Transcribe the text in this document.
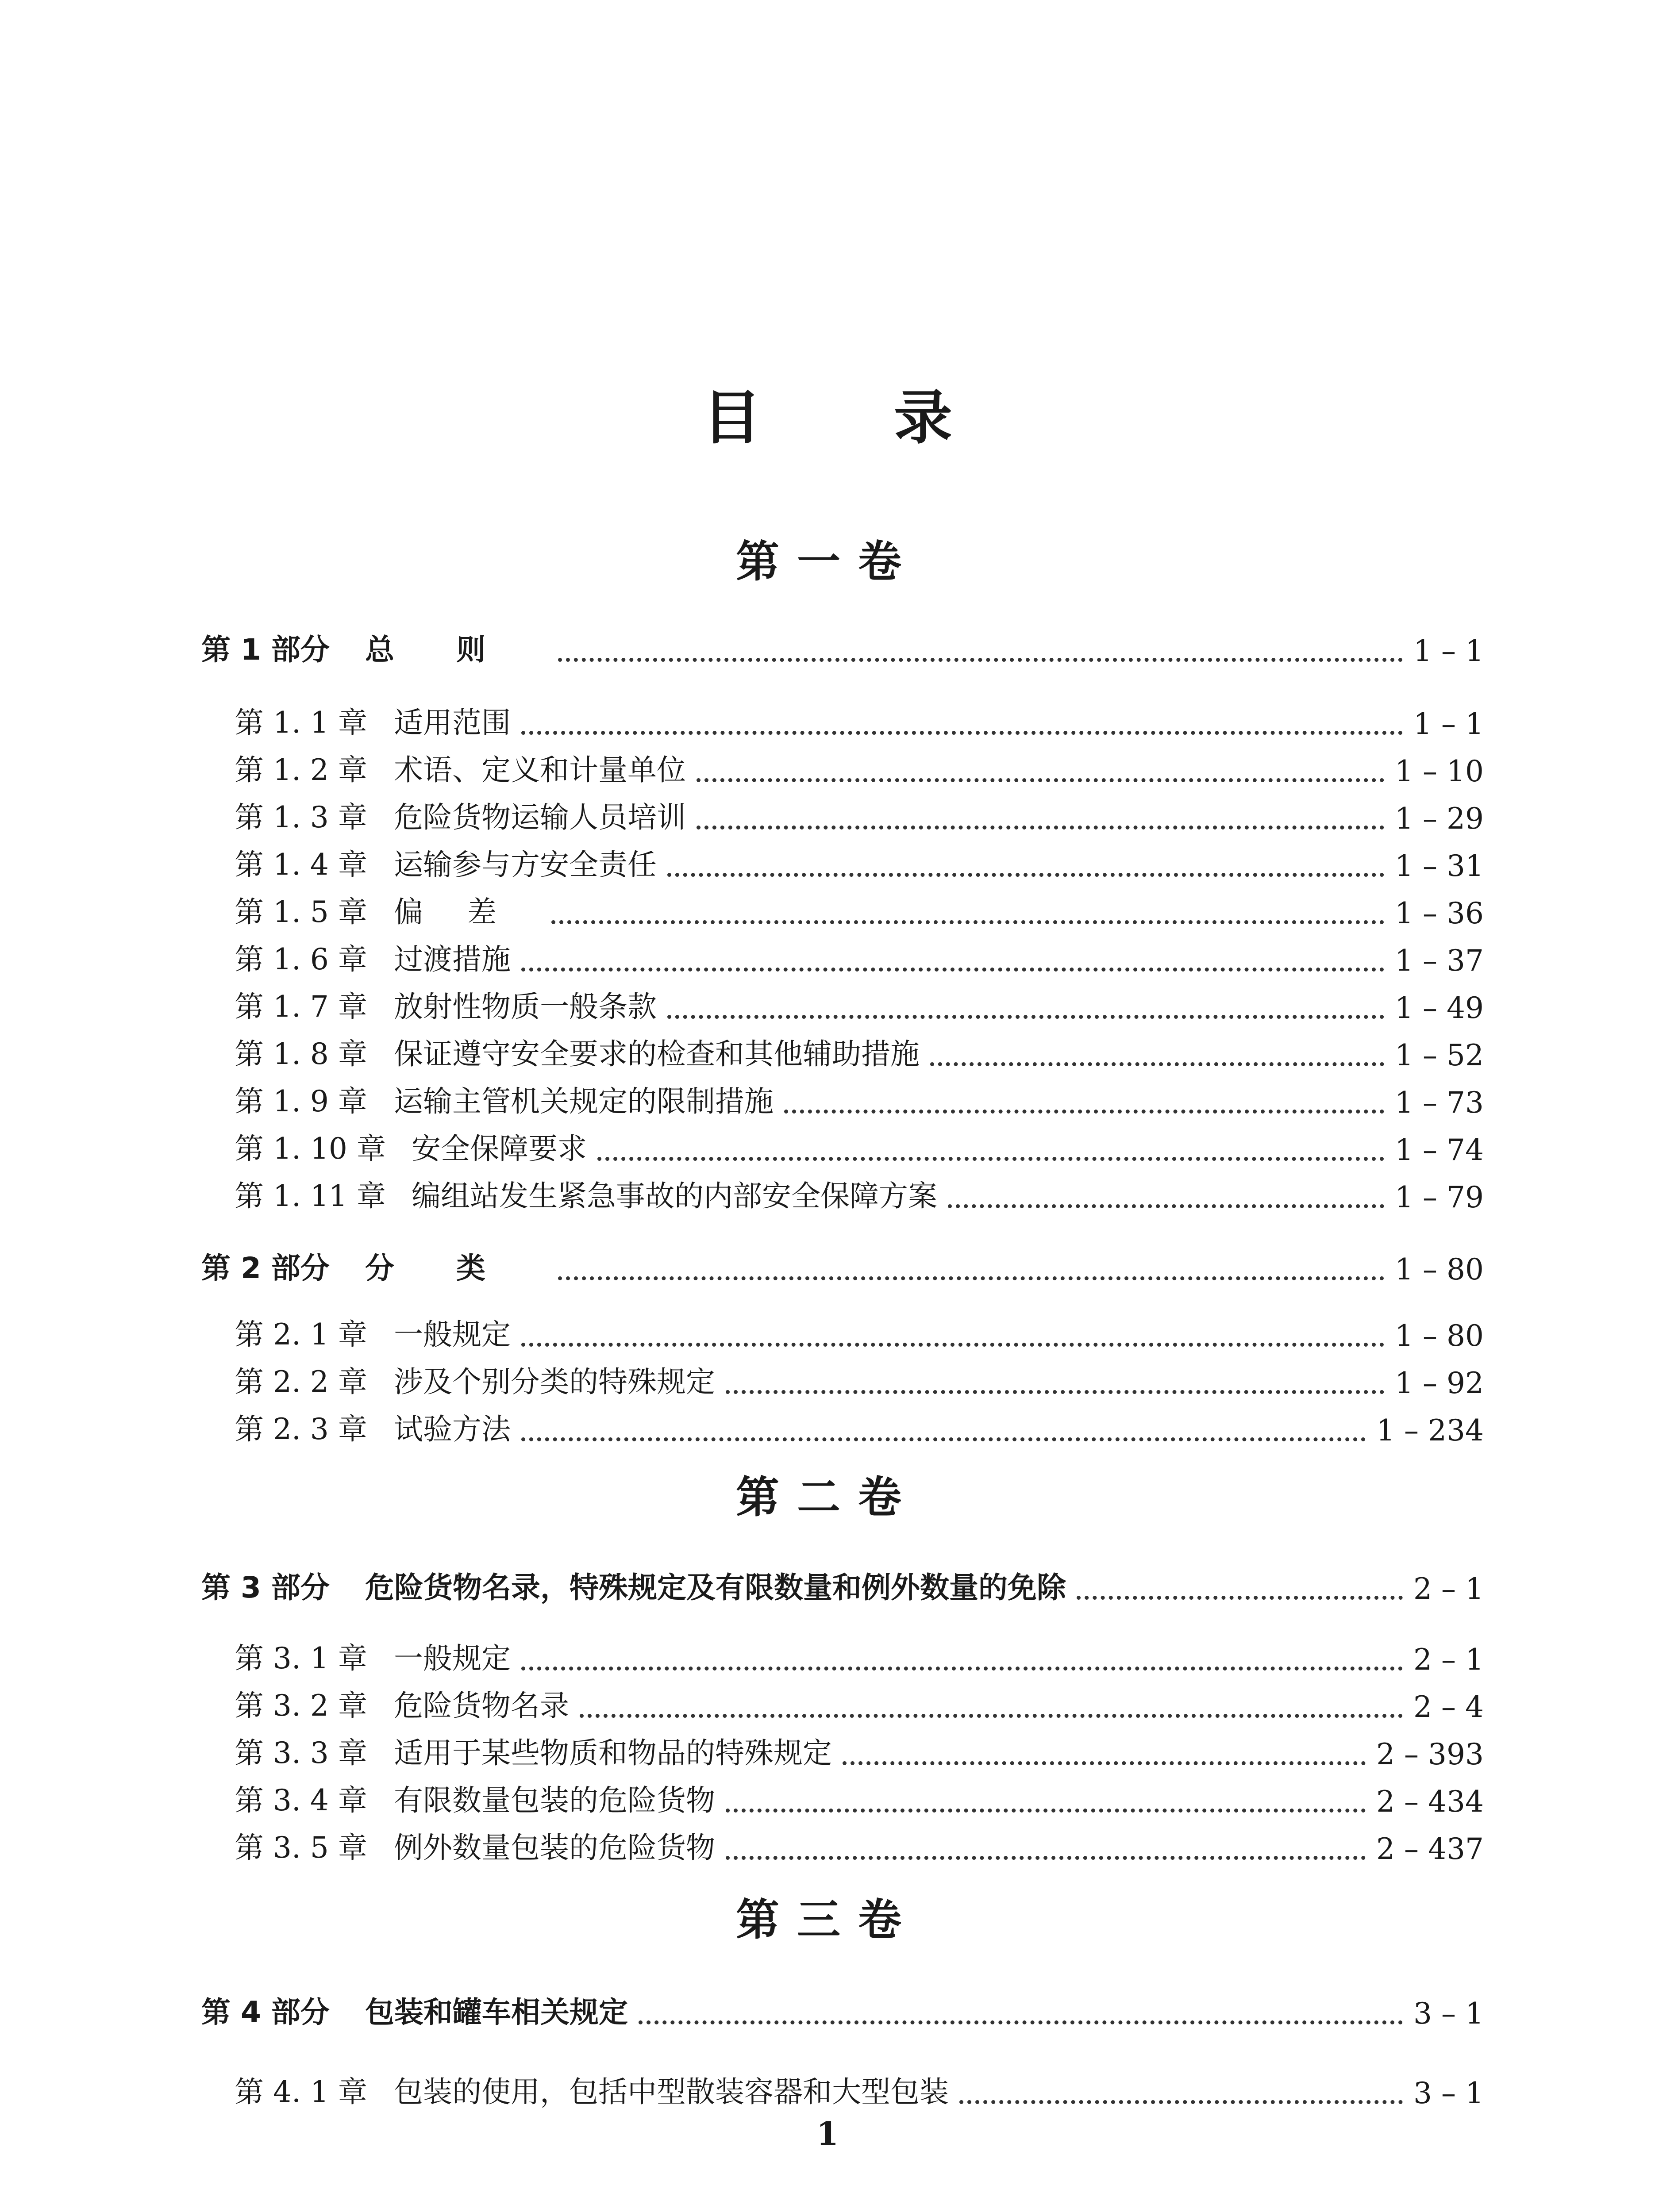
目 录
第一卷
第 1 部分	总则	1 – 1
第 1. 1 章 适用范围	1 – 1
第 1. 2 章 术语、定义和计量单位	1 – 10
第 1. 3 章 危险货物运输人员培训	1 – 29
第 1. 4 章 运输参与方安全责任	1 – 31
第 1. 5 章 偏差	1 – 36
第 1. 6 章 过渡措施	1 – 37
第 1. 7 章 放射性物质一般条款	1 – 49
第 1. 8 章 保证遵守安全要求的检查和其他辅助措施	1 – 52
第 1. 9 章 运输主管机关规定的限制措施	1 – 73
第 1. 10 章 安全保障要求	1 – 74
第 1. 11 章 编组站发生紧急事故的内部安全保障方案	1 – 79
第 2 部分	分类	1 – 80
第 2. 1 章 一般规定	1 – 80
第 2. 2 章 涉及个别分类的特殊规定	1 – 92
第 2. 3 章 试验方法	1 – 234
第二卷
第 3 部分	危险货物名录，特殊规定及有限数量和例外数量的免除	2 – 1
第 3. 1 章 一般规定	2 – 1
第 3. 2 章 危险货物名录	2 – 4
第 3. 3 章 适用于某些物质和物品的特殊规定	2 – 393
第 3. 4 章 有限数量包装的危险货物	2 – 434
第 3. 5 章 例外数量包装的危险货物	2 – 437
第三卷
第 4 部分	包装和罐车相关规定	3 – 1
第 4. 1 章 包装的使用，包括中型散装容器和大型包装	3 – 1
1
